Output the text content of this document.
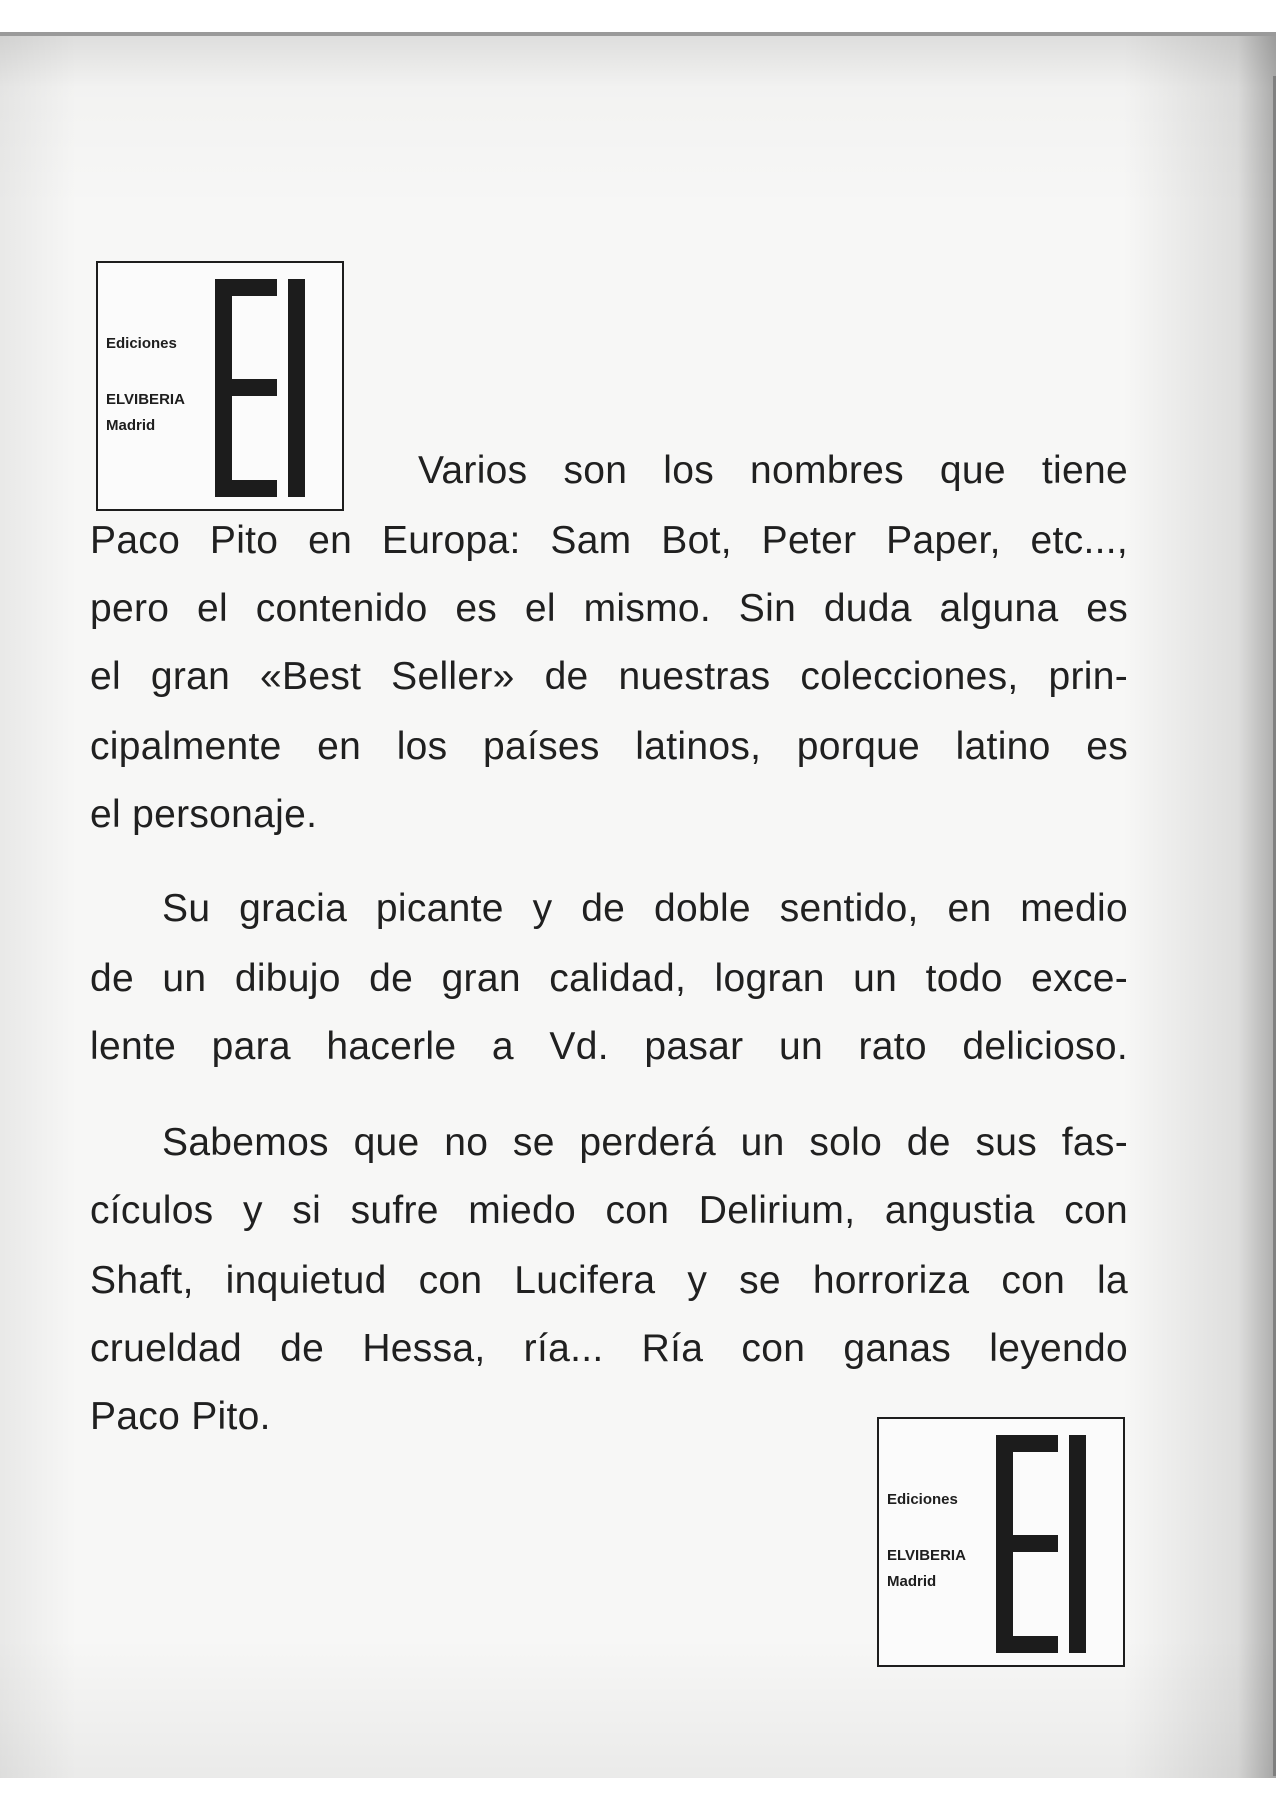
Ediciones
ELVIBERIA
Madrid
Varios son los nombres que tiene
Paco Pito en Europa: Sam Bot, Peter Paper, etc...,
pero el contenido es el mismo. Sin duda alguna es
el gran «Best Seller» de nuestras colecciones, prin-
cipalmente en los países latinos, porque latino es
el personaje.
Su gracia picante y de doble sentido, en medio
de un dibujo de gran calidad, logran un todo exce-
lente para hacerle a Vd. pasar un rato delicioso.
Sabemos que no se perderá un solo de sus fas-
cículos y si sufre miedo con Delirium, angustia con
Shaft, inquietud con Lucifera y se horroriza con la
crueldad de Hessa, ría... Ría con ganas leyendo
Paco Pito.
Ediciones
ELVIBERIA
Madrid
